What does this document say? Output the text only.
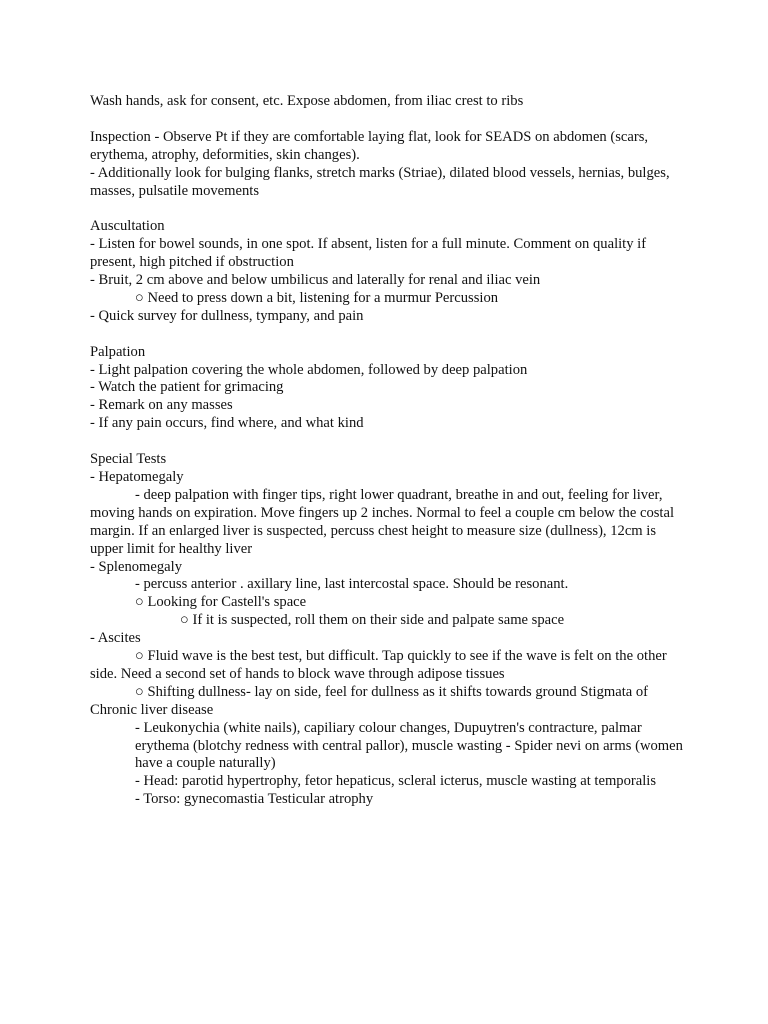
Wash hands, ask for consent, etc. Expose abdomen, from iliac crest to ribs

Inspection - Observe Pt if they are comfortable laying flat, look for SEADS on abdomen (scars, erythema, atrophy, deformities, skin changes).

- Additionally look for bulging flanks, stretch marks (Striae), dilated blood vessels, hernias, bulges, masses, pulsatile movements

Auscultation

- Listen for bowel sounds, in one spot. If absent, listen for a full minute. Comment on quality if present, high pitched if obstruction

- Bruit, 2 cm above and below umbilicus and laterally for renal and iliac vein

○ Need to press down a bit, listening for a murmur Percussion

- Quick survey for dullness, tympany, and pain

Palpation

- Light palpation covering the whole abdomen, followed by deep palpation

- Watch the patient for grimacing

- Remark on any masses

- If any pain occurs, find where, and what kind

Special Tests

- Hepatomegaly

- deep palpation with finger tips, right lower quadrant, breathe in and out, feeling for liver, moving hands on expiration. Move fingers up 2 inches. Normal to feel a couple cm below the costal margin. If an enlarged liver is suspected, percuss chest height to measure size (dullness), 12cm is upper limit for healthy liver

- Splenomegaly

- percuss anterior . axillary line, last intercostal space. Should be resonant.

○ Looking for Castell's space

○ If it is suspected, roll them on their side and palpate same space

- Ascites

○ Fluid wave is the best test, but difficult. Tap quickly to see if the wave is felt on the other side. Need a second set of hands to block wave through adipose tissues

○ Shifting dullness- lay on side, feel for dullness as it shifts towards ground Stigmata of Chronic liver disease

- Leukonychia (white nails), capiliary colour changes, Dupuytren's contracture, palmar erythema (blotchy redness with central pallor), muscle wasting - Spider nevi on arms (women have a couple naturally)

- Head: parotid hypertrophy, fetor hepaticus, scleral icterus, muscle wasting at temporalis

- Torso: gynecomastia Testicular atrophy
